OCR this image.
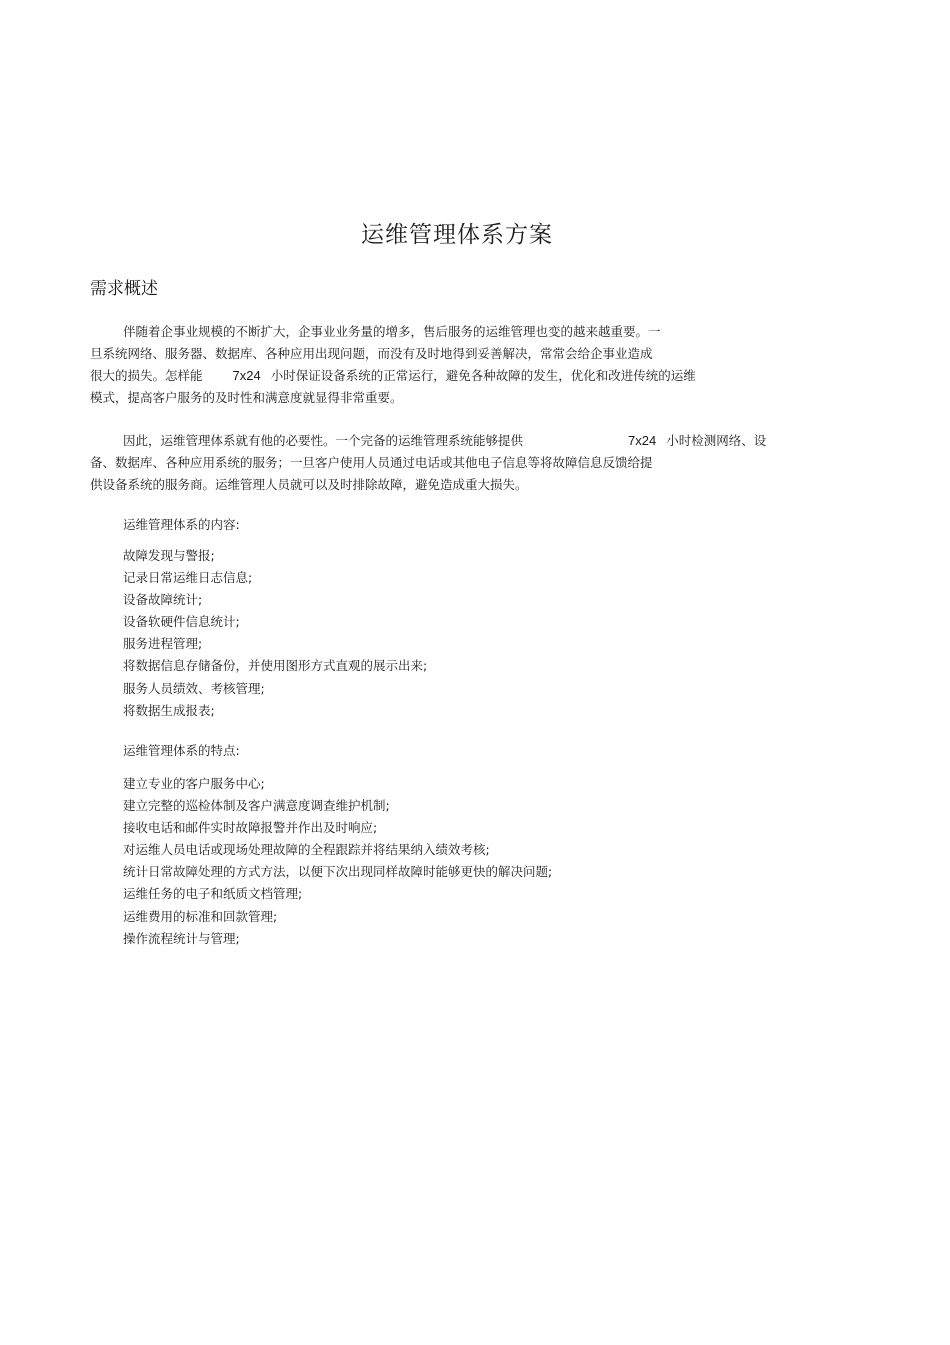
运维管理体系方案
需求概述
伴随着企事业规模的不断扩大，企事业业务量的增多，售后服务的运维管理也变的越来越重要。一
旦系统网络、服务器、数据库、各种应用出现问题，而没有及时地得到妥善解决，常常会给企事业造成
很大的损失。怎样能 7x24 小时保证设备系统的正常运行，避免各种故障的发生，优化和改进传统的运维
模式，提高客户服务的及时性和满意度就显得非常重要。
因此，运维管理体系就有他的必要性。一个完备的运维管理系统能够提供	7x24 小时检测网络、设
备、数据库、各种应用系统的服务；一旦客户使用人员通过电话或其他电子信息等将故障信息反馈给提
供设备系统的服务商。运维管理人员就可以及时排除故障，避免造成重大损失。
运维管理体系的内容:
故障发现与警报;
记录日常运维日志信息;
设备故障统计;
设备软硬件信息统计;
服务进程管理;
将数据信息存储备份，并使用图形方式直观的展示出来;
服务人员绩效、考核管理;
将数据生成报表;
运维管理体系的特点:
建立专业的客户服务中心;
建立完整的巡检体制及客户满意度调查维护机制;
接收电话和邮件实时故障报警并作出及时响应;
对运维人员电话或现场处理故障的全程跟踪并将结果纳入绩效考核;
统计日常故障处理的方式方法，以便下次出现同样故障时能够更快的解决问题;
运维任务的电子和纸质文档管理;
运维费用的标准和回款管理;
操作流程统计与管理;
